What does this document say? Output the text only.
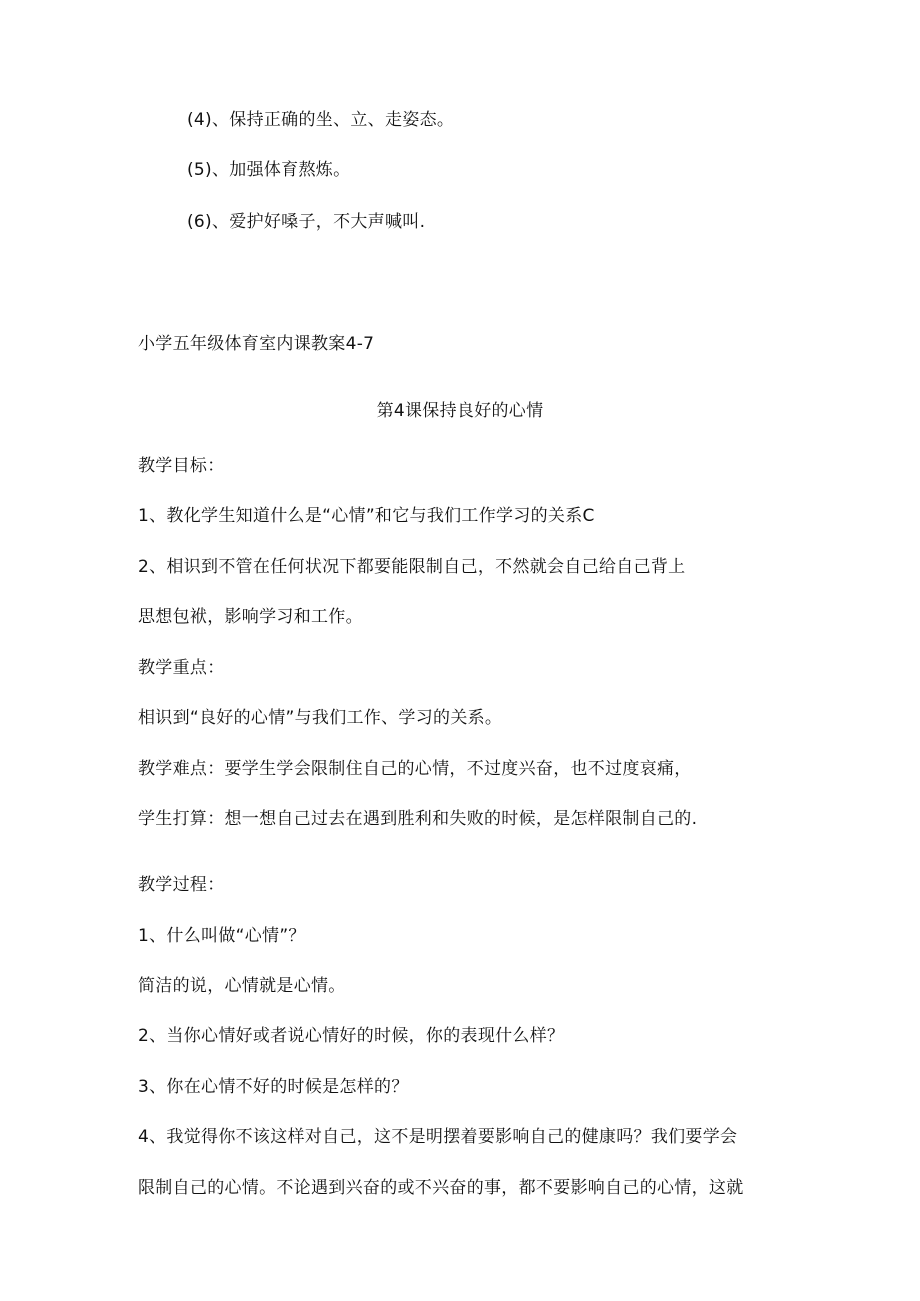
(4)、保持正确的坐、立、走姿态。
(5)、加强体育熬炼。
(6)、爱护好嗓子，不大声喊叫.
小学五年级体育室内课教案4-7
第4课保持良好的心情
教学目标：
1、教化学生知道什么是“心情”和它与我们工作学习的关系C
2、相识到不管在任何状况下都要能限制自己，不然就会自己给自己背上
思想包袱，影响学习和工作。
教学重点：
相识到“良好的心情”与我们工作、学习的关系。
教学难点：要学生学会限制住自己的心情，不过度兴奋，也不过度哀痛，
学生打算：想一想自己过去在遇到胜利和失败的时候，是怎样限制自己的.
教学过程：
1、什么叫做“心情”？
简洁的说，心情就是心情。
2、当你心情好或者说心情好的时候，你的表现什么样？
3、你在心情不好的时候是怎样的？
4、我觉得你不该这样对自己，这不是明摆着要影响自己的健康吗？我们要学会
限制自己的心情。不论遇到兴奋的或不兴奋的事，都不要影响自己的心情，这就
